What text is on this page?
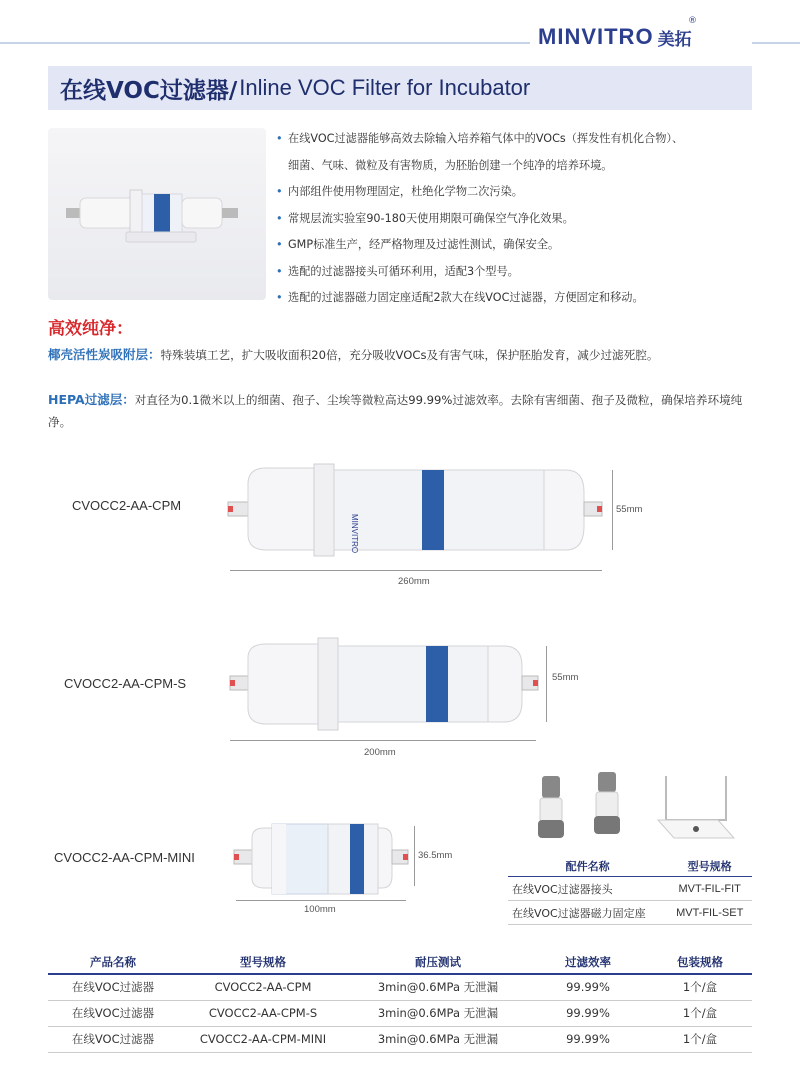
MINVITRO 美拓
®
在线VOC过滤器/ Inline VOC Filter for Incubator
• 在线VOC过滤器能够高效去除输入培养箱气体中的VOCs（挥发性有机化合物）、
细菌、气味、微粒及有害物质，为胚胎创建一个纯净的培养环境。
• 内部组件使用物理固定，杜绝化学物二次污染。
• 常规层流实验室90-180天使用期限可确保空气净化效果。
• GMP标准生产，经严格物理及过滤性测试，确保安全。
• 选配的过滤器接头可循环利用，适配3个型号。
• 选配的过滤器磁力固定座适配2款大在线VOC过滤器，方便固定和移动。
高效纯净：
椰壳活性炭吸附层：特殊装填工艺，扩大吸收面积20倍，充分吸收VOCs及有害气味，保护胚胎发育，减少过滤死腔。
HEPA过滤层：对直径为0.1微米以上的细菌、孢子、尘埃等微粒高达99.99%过滤效率。去除有害细菌、孢子及微粒，确保培养环境纯净。
CVOCC2-AA-CPM
MINVITRO
55mm
260mm
CVOCC2-AA-CPM-S	55mm
200mm
CVOCC2-AA-CPM-MINI	36.5mm
100mm
配件名称	型号规格
在线VOC过滤器接头	MVT-FIL-FIT
在线VOC过滤器磁力固定座	MVT-FIL-SET
产品名称	型号规格	耐压测试	过滤效率	包装规格
在线VOC过滤器	CVOCC2-AA-CPM	3min@0.6MPa 无泄漏	99.99%	1个/盒
在线VOC过滤器	CVOCC2-AA-CPM-S	3min@0.6MPa 无泄漏	99.99%	1个/盒
在线VOC过滤器	CVOCC2-AA-CPM-MINI	3min@0.6MPa 无泄漏	99.99%	1个/盒
